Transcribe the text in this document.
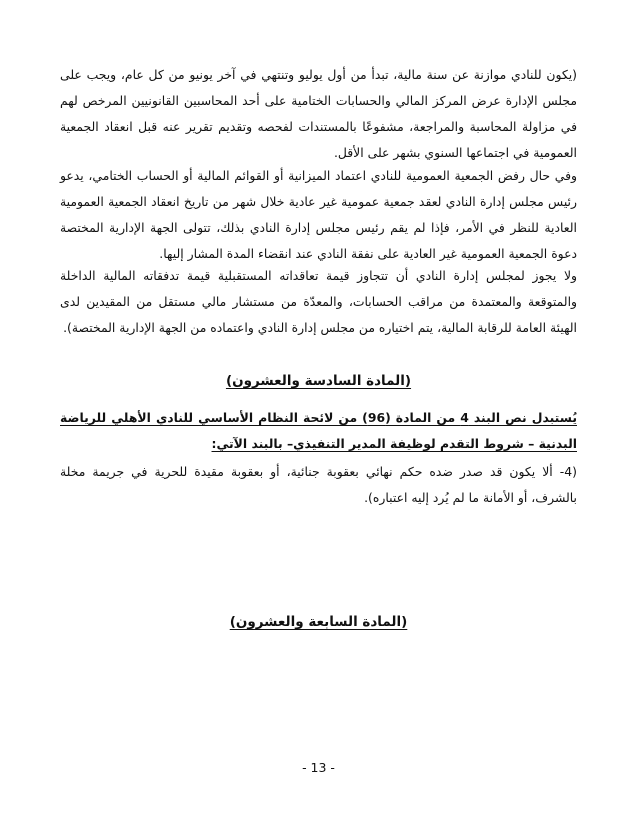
(يكون للنادي موازنة عن سنة مالية، تبدأ من أول يوليو وتنتهي في آخر يونيو من كل عام، ويجب على مجلس الإدارة عرض المركز المالي والحسابات الختامية على أحد المحاسبين القانونيين المرخص لهم في مزاولة المحاسبة والمراجعة، مشفوعًا بالمستندات لفحصه وتقديم تقرير عنه قبل انعقاد الجمعية العمومية في اجتماعها السنوي بشهر على الأقل.

وفي حال رفض الجمعية العمومية للنادي اعتماد الميزانية أو القوائم المالية أو الحساب الختامي، يدعو رئيس مجلس إدارة النادي لعقد جمعية عمومية غير عادية خلال شهر من تاريخ انعقاد الجمعية العمومية العادية للنظر في الأمر، فإذا لم يقم رئيس مجلس إدارة النادي بذلك، تتولى الجهة الإدارية المختصة دعوة الجمعية العمومية غير العادية على نفقة النادي عند انقضاء المدة المشار إليها.

ولا يجوز لمجلس إدارة النادي أن تتجاوز قيمة تعاقداته المستقبلية قيمة تدفقاته المالية الداخلة والمتوقعة والمعتمدة من مراقب الحسابات، والمعدّة من مستشار مالي مستقل من المقيدين لدى الهيئة العامة للرقابة المالية، يتم اختياره من مجلس إدارة النادي واعتماده من الجهة الإدارية المختصة).

(المادة السادسة والعشرون)

يُستبدل نص البند 4 من المادة (96) من لائحة النظام الأساسي للنادي الأهلي للرياضة البدنية – شروط التقدم لوظيفة المدير التنفيذي– بالبند الآتي:

(4- ألا يكون قد صدر ضده حكم نهائي بعقوبة جنائية، أو بعقوبة مقيدة للحرية في جريمة مخلة بالشرف، أو الأمانة ما لم يُرد إليه اعتباره).

(المادة السابعة والعشرون)

- 13 -
